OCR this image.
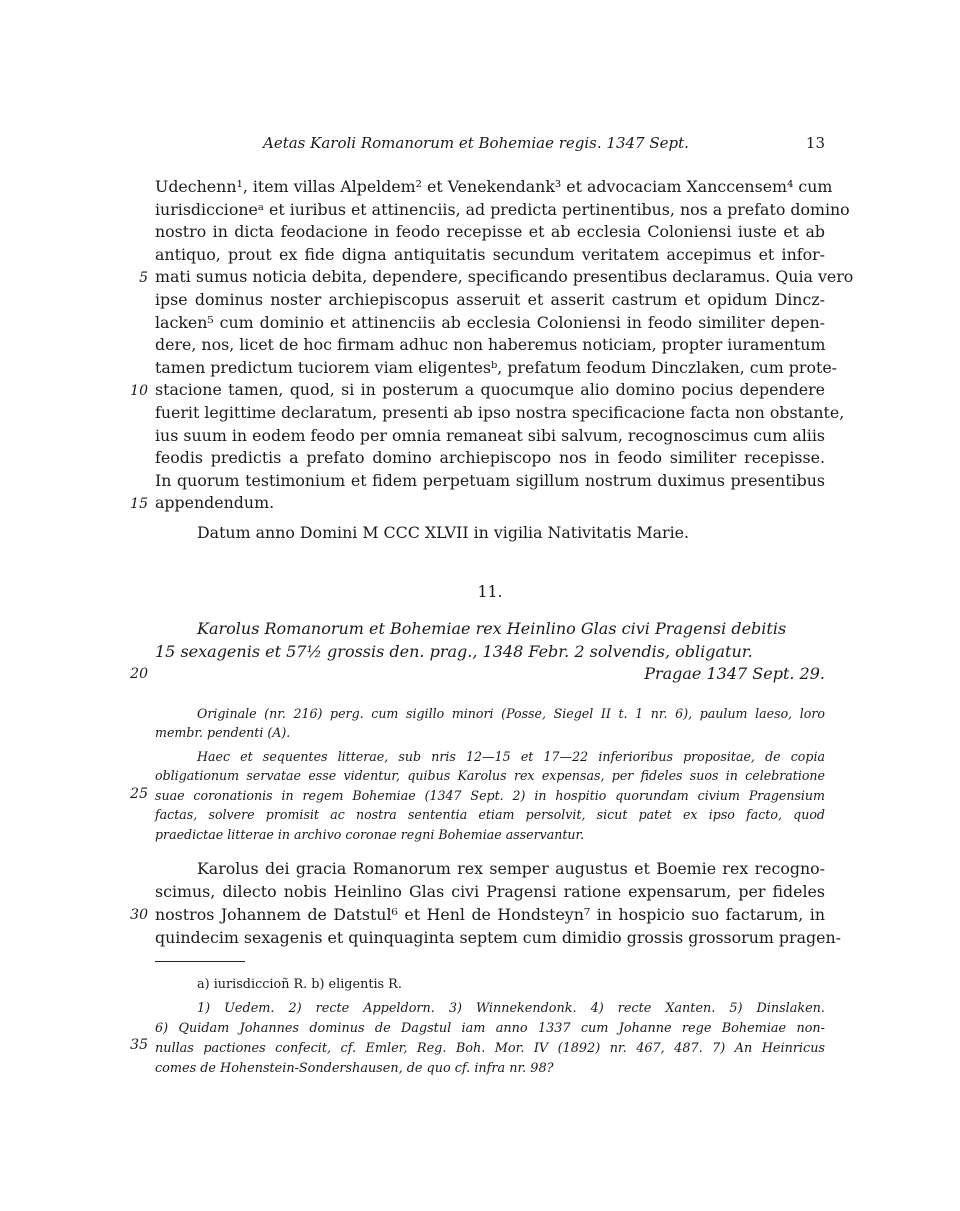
Aetas Karoli Romanorum et Bohemiae regis. 1347 Sept.	13
5
10
15
20
25
30
35
Udechenn¹, item villas Alpeldem² et Venekendank³ et advocaciam Xanccensem⁴ cum
iurisdiccioneᵃ et iuribus et attinenciis, ad predicta pertinentibus, nos a prefato domino
nostro in dicta feodacione in feodo recepisse et ab ecclesia Coloniensi iuste et ab
antiquo, prout ex fide digna antiquitatis secundum veritatem accepimus et infor-
mati sumus noticia debita, dependere, specificando presentibus declaramus. Quia vero
ipse dominus noster archiepiscopus asseruit et asserit castrum et opidum Dincz-
lacken⁵ cum dominio et attinenciis ab ecclesia Coloniensi in feodo similiter depen-
dere, nos, licet de hoc firmam adhuc non haberemus noticiam, propter iuramentum
tamen predictum tuciorem viam eligentesᵇ, prefatum feodum Dinczlaken, cum prote-
stacione tamen, quod, si in posterum a quocumque alio domino pocius dependere
fuerit legittime declaratum, presenti ab ipso nostra specificacione facta non obstante,
ius suum in eodem feodo per omnia remaneat sibi salvum, recognoscimus cum aliis
feodis predictis a prefato domino archiepiscopo nos in feodo similiter recepisse.
In quorum testimonium et fidem perpetuam sigillum nostrum duximus presentibus
appendendum.
Datum anno Domini M CCC XLVII in vigilia Nativitatis Marie.
11.
Karolus Romanorum et Bohemiae rex Heinlino Glas civi Pragensi debitis
15 sexagenis et 57½ grossis den. prag., 1348 Febr. 2 solvendis, obligatur.
Pragae 1347 Sept. 29.
Originale (nr. 216) perg. cum sigillo minori (Posse, Siegel II t. 1 nr. 6), paulum laeso, loro
membr. pendenti (A).
Haec et sequentes litterae, sub nris 12—15 et 17—22 inferioribus propositae, de copia
obligationum servatae esse videntur, quibus Karolus rex expensas, per fideles suos in celebratione
suae coronationis in regem Bohemiae (1347 Sept. 2) in hospitio quorundam civium Pragensium
factas, solvere promisit ac nostra sententia etiam persolvit, sicut patet ex ipso facto, quod
praedictae litterae in archivo coronae regni Bohemiae asservantur.
Karolus dei gracia Romanorum rex semper augustus et Boemie rex recogno-
scimus, dilecto nobis Heinlino Glas civi Pragensi ratione expensarum, per fideles
nostros Johannem de Datstul⁶ et Henl de Hondsteyn⁷ in hospicio suo factarum, in
quindecim sexagenis et quinquaginta septem cum dimidio grossis grossorum pragen-
a) iurisdiccioñ R. b) eligentis R.
1) Uedem. 2) recte Appeldorn. 3) Winnekendonk. 4) recte Xanten. 5) Dinslaken.
6) Quidam Johannes dominus de Dagstul iam anno 1337 cum Johanne rege Bohemiae non-
nullas pactiones confecit, cf. Emler, Reg. Boh. Mor. IV (1892) nr. 467, 487. 7) An Heinricus
comes de Hohenstein-Sondershausen, de quo cf. infra nr. 98?
